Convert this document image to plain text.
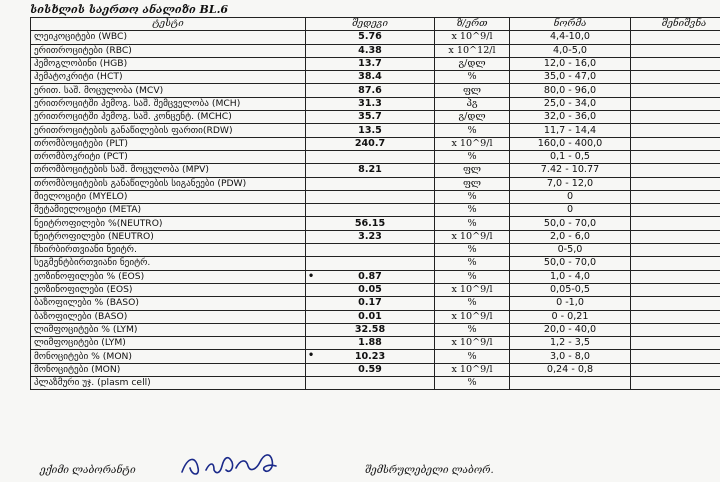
სისხლის საერთო ანალიზი BL.6
ტესტი	შედეგი	ზ/ერთ	ნორმა	შენიშვნა
ლეიკოციტები (WBC)	5.76	x 10^9/l	4,4-10,0	
ერითროციტები (RBC)	4.38	x 10^12/l	4,0-5,0	
ჰემოგლობინი (HGB)	13.7	გ/დლ	12,0 - 16,0	
ჰემატოკრიტი (HCT)	38.4	%	35,0 - 47,0	
ერით. საშ. მოცულობა (MCV)	87.6	ფლ	80,0 - 96,0	
ერითროციტში ჰემოგ. საშ. შემცველობა (MCH)	31.3	პგ	25,0 - 34,0	
ერითროციტში ჰემოგ. საშ. კონცენტ. (MCHC)	35.7	გ/დლ	32,0 - 36,0	
ერითროციტების განაწილების ფართი(RDW)	13.5	%	11,7 - 14,4	
თრომბოციტები (PLT)	240.7	x 10^9/l	160,0 - 400,0	
თრომბოკრიტი (PCT)		%	0,1 - 0,5	
თრომბოციტების საშ. მოცულობა (MPV)	8.21	ფლ	7.42 - 10.77	
თრომბოციტების განაწილების სიგანეები (PDW)		ფლ	7,0 - 12,0	
მიელოციტი (MYELO)		%	0	
მეტამიელოციტი (META)		%	0	
ნეიტროფილები %(NEUTRO)	56.15	%	50,0 - 70,0	
ნეიტროფილები (NEUTRO)	3.23	x 10^9/l	2,0 - 6,0	
ჩხირბირთვიანი ნეიტრ.		%	0-5,0	
სეგმენტბირთვიანი ნეიტრ.		%	50,0 - 70,0	
ეოზინოფილები % (EOS)	• 0.87	%	1,0 - 4,0	
ეოზინოფილები (EOS)	0.05	x 10^9/l	0,05-0,5	
ბაზოფილები % (BASO)	0.17	%	0 -1,0	
ბაზოფილები (BASO)	0.01	x 10^9/l	0 - 0,21	
ლიმფოციტები % (LYM)	32.58	%	20,0 - 40,0	
ლიმფოციტები (LYM)	1.88	x 10^9/l	1,2 - 3,5	
მონოციტები % (MON)	• 10.23	%	3,0 - 8,0	
მონოციტები (MON)	0.59	x 10^9/l	0,24 - 0,8	
პლაზმური უჯ. (plasm cell)		%		
ექიმი ლაბორანტი	შემსრულებელი ლაბორ.
